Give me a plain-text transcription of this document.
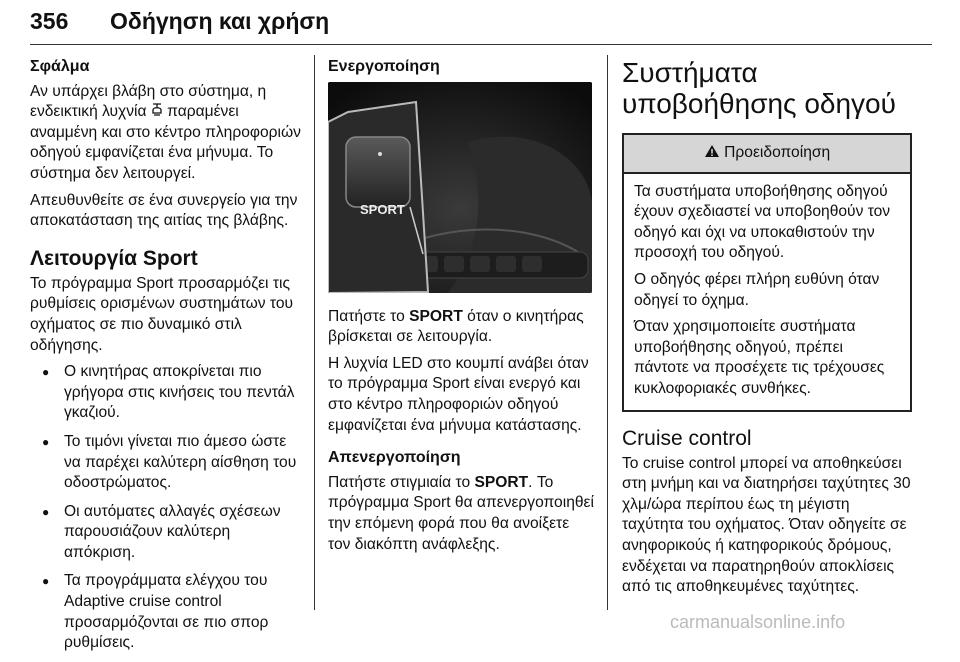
356 Οδήγηση και χρήση
Σφάλμα

Αν υπάρχει βλάβη στο σύστημα, η ενδεικτική λυχνία  παραμένει αναμμένη και στο κέντρο πληροφοριών οδηγού εμφανίζεται ένα μήνυμα. Το σύστημα δεν λειτουργεί.

Απευθυνθείτε σε ένα συνεργείο για την αποκατάσταση της αιτίας της βλάβης.

Λειτουργία Sport

Το πρόγραμμα Sport προσαρμόζει τις ρυθμίσεις ορισμένων συστημάτων του οχήματος σε πιο δυναμικό στιλ οδήγησης.

● Ο κινητήρας αποκρίνεται πιο γρήγορα στις κινήσεις του πεντάλ γκαζιού.
● Το τιμόνι γίνεται πιο άμεσο ώστε να παρέχει καλύτερη αίσθηση του οδοστρώματος.
● Οι αυτόματες αλλαγές σχέσεων παρουσιάζουν καλύτερη απόκριση.
● Τα προγράμματα ελέγχου του Adaptive cruise control προσαρμόζονται σε πιο σπορ ρυθμίσεις.
Ενεργοποίηση
SPORT

Πατήστε το SPORT όταν ο κινητήρας βρίσκεται σε λειτουργία.

Η λυχνία LED στο κουμπί ανάβει όταν το πρόγραμμα Sport είναι ενεργό και στο κέντρο πληροφοριών οδηγού εμφανίζεται ένα μήνυμα κατάστασης.

Απενεργοποίηση

Πατήστε στιγμιαία το SPORT. Το πρόγραμμα Sport θα απενεργοποιηθεί την επόμενη φορά που θα ανοίξετε τον διακόπτη ανάφλεξης.

Συστήματα υποβοήθησης οδηγού
Προειδοποίηση

Τα συστήματα υποβοήθησης οδηγού έχουν σχεδιαστεί να υποβοηθούν τον οδηγό και όχι να υποκαθιστούν την προσοχή του οδηγού.

Ο οδηγός φέρει πλήρη ευθύνη όταν οδηγεί το όχημα.

Όταν χρησιμοποιείτε συστήματα υποβοήθησης οδηγού, πρέπει πάντοτε να προσέχετε τις τρέχουσες κυκλοφοριακές συνθήκες.

Cruise control

Το cruise control μπορεί να αποθηκεύσει στη μνήμη και να διατηρήσει ταχύτητες 30 χλμ/ώρα περίπου έως τη μέγιστη ταχύτητα του οχήματος. Όταν οδηγείτε σε ανηφορικούς ή κατηφορικούς δρόμους, ενδέχεται να παρατηρηθούν αποκλίσεις από τις αποθηκευμένες ταχύτητες.

carmanualsonline.info
